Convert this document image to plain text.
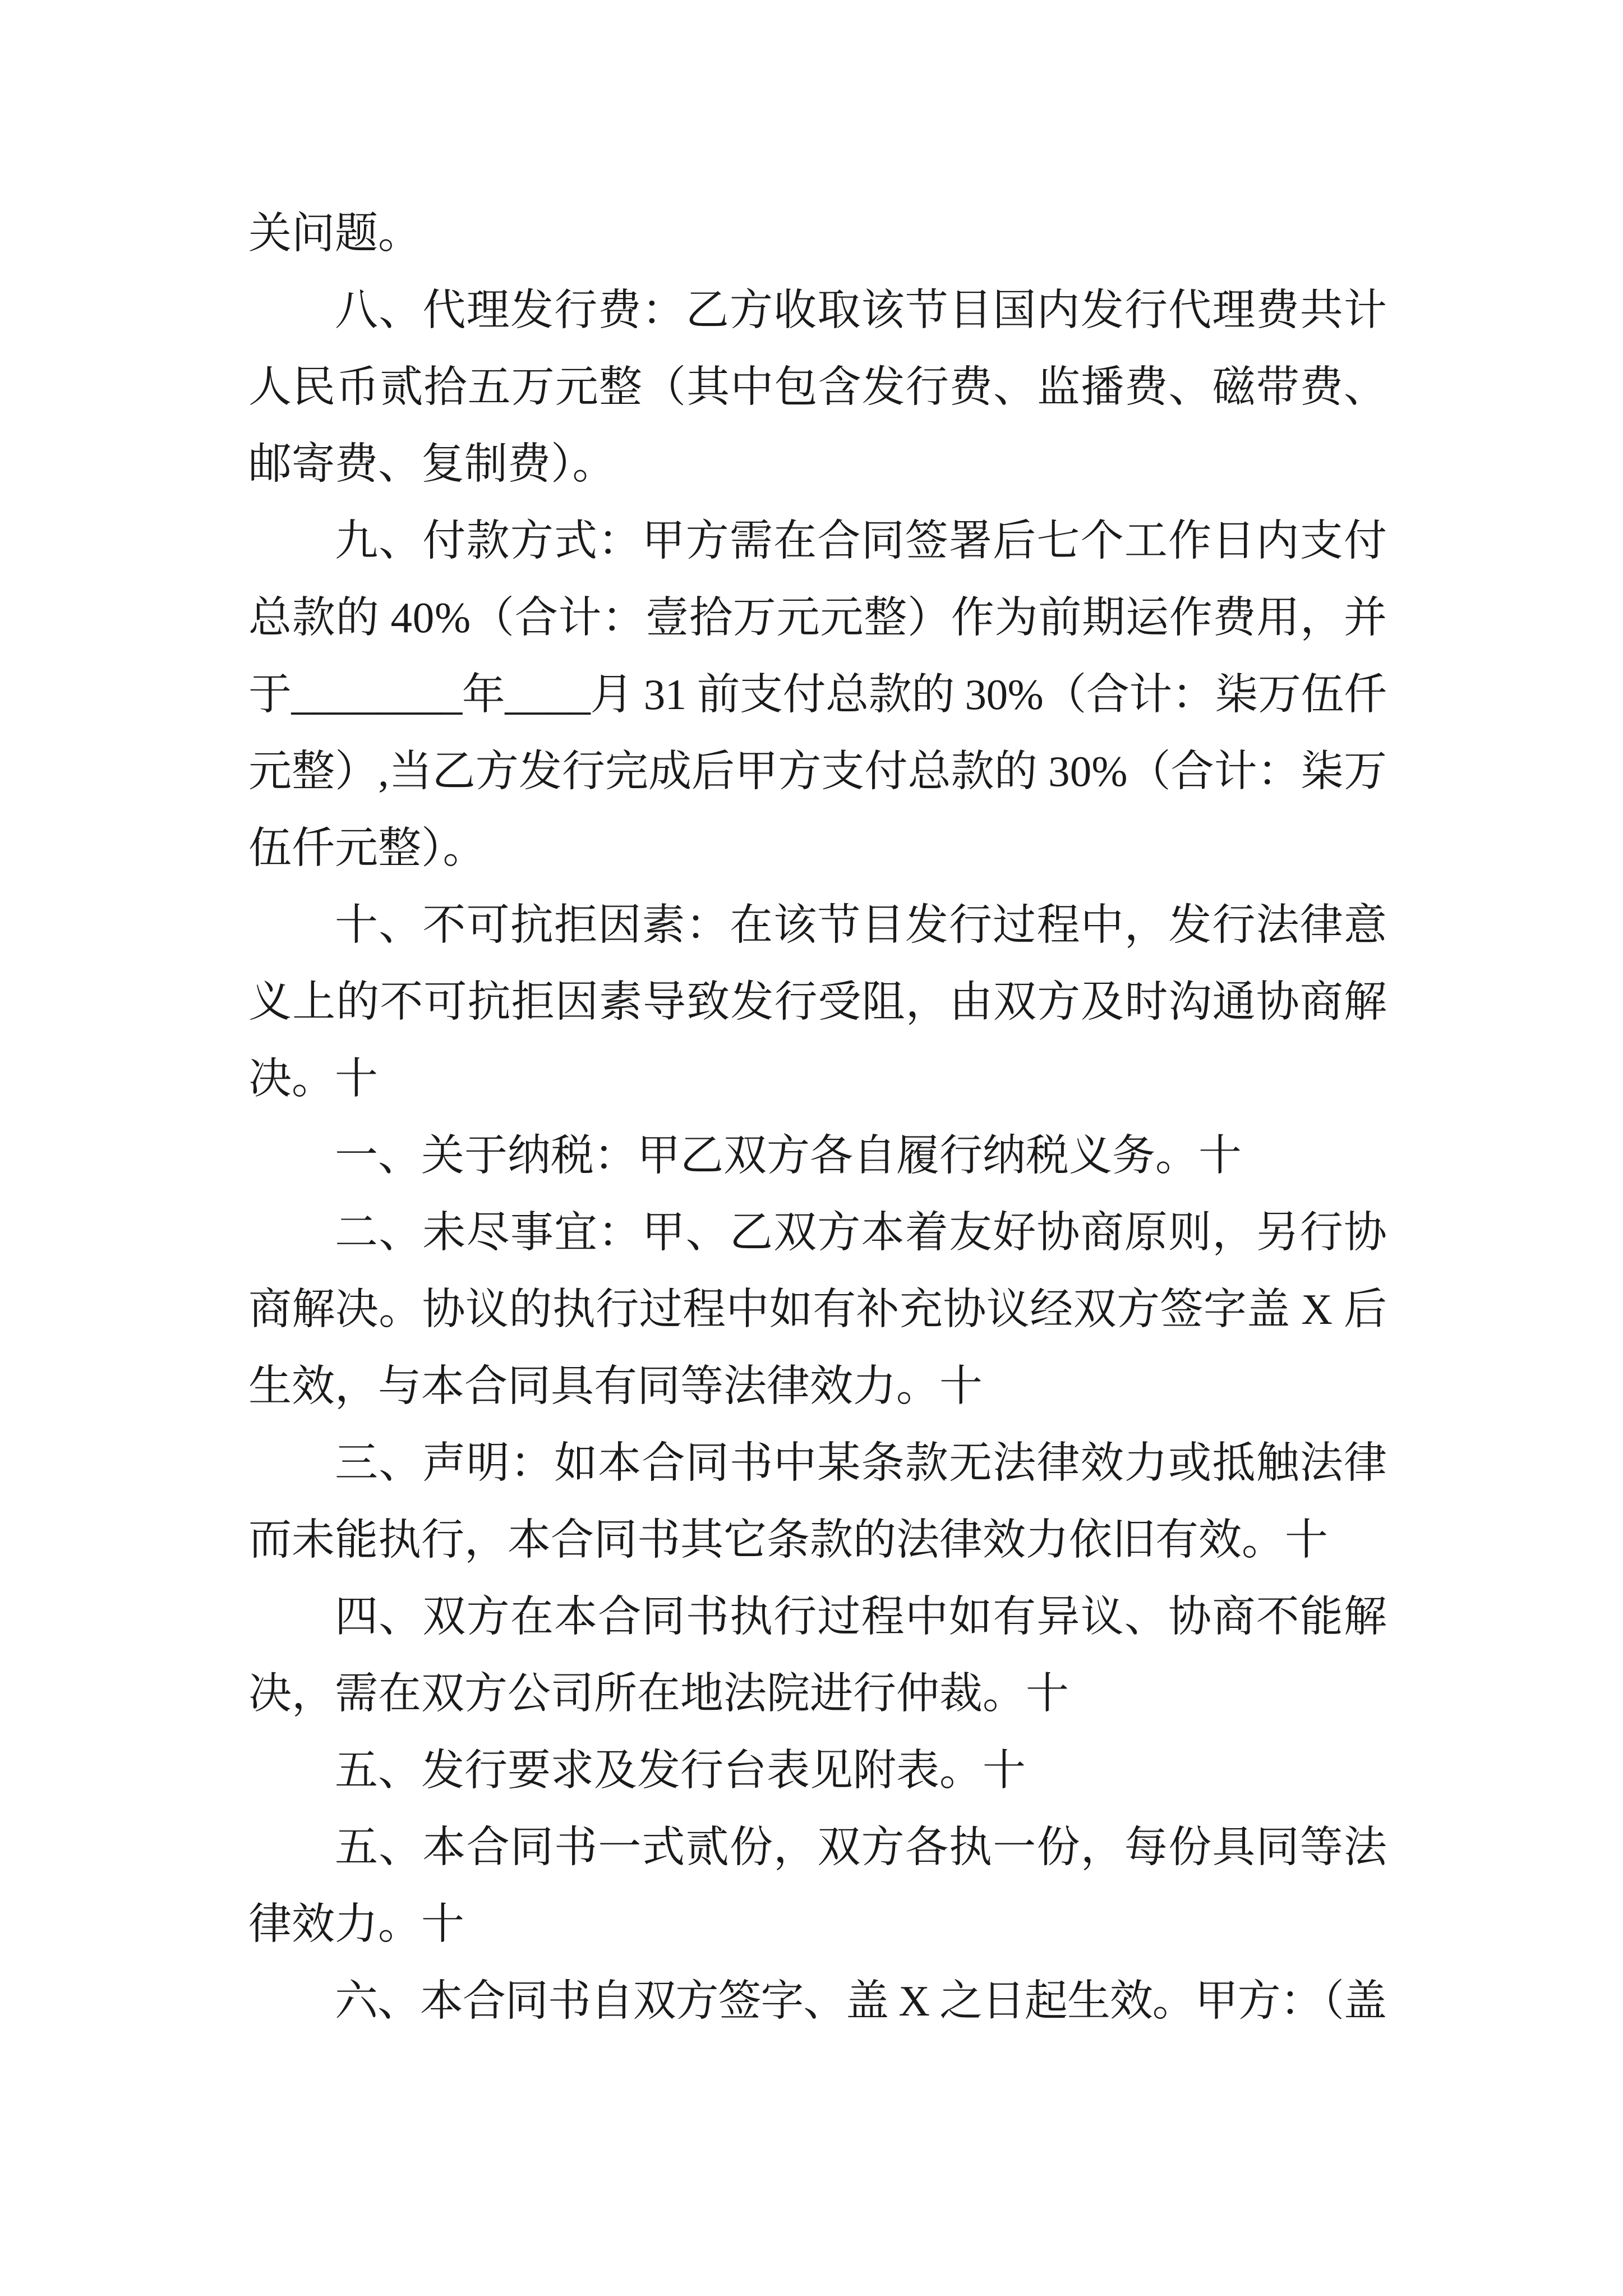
关问题。
八、代理发行费：乙方收取该节目国内发行代理费共计
人民币贰拾五万元整（其中包含发行费、监播费、磁带费、
邮寄费、复制费）。
九、付款方式：甲方需在合同签署后七个工作日内支付
总款的 40%（合计：壹拾万元元整）作为前期运作费用，并
于________年____月 31 前支付总款的 30%（合计：柒万伍仟
元整）,当乙方发行完成后甲方支付总款的 30%（合计：柒万
伍仟元整）。
十、不可抗拒因素：在该节目发行过程中，发行法律意
义上的不可抗拒因素导致发行受阻，由双方及时沟通协商解
决。十
一、关于纳税：甲乙双方各自履行纳税义务。十
二、未尽事宜：甲、乙双方本着友好协商原则，另行协
商解决。协议的执行过程中如有补充协议经双方签字盖 X 后
生效，与本合同具有同等法律效力。十
三、声明：如本合同书中某条款无法律效力或抵触法律
而未能执行，本合同书其它条款的法律效力依旧有效。十
四、双方在本合同书执行过程中如有异议、协商不能解
决，需在双方公司所在地法院进行仲裁。十
五、发行要求及发行台表见附表。十
五、本合同书一式贰份，双方各执一份，每份具同等法
律效力。十
六、本合同书自双方签字、盖 X 之日起生效。甲方：（盖
